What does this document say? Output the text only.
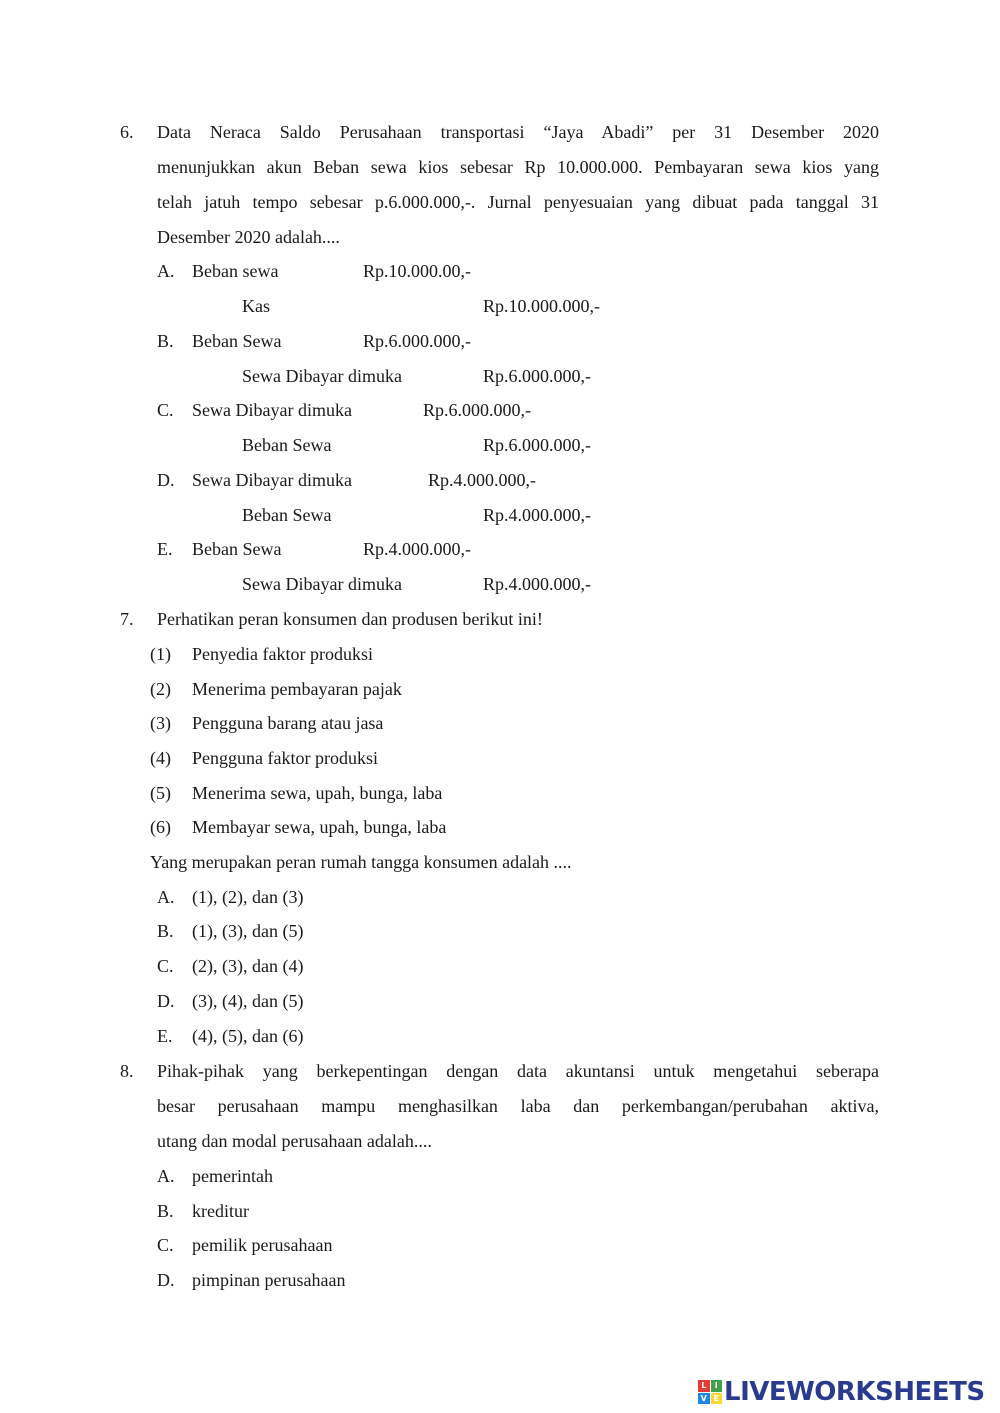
6. Data Neraca Saldo Perusahaan transportasi “Jaya Abadi” per 31 Desember 2020
menunjukkan akun Beban sewa kios sebesar Rp 10.000.000. Pembayaran sewa kios yang
telah jatuh tempo sebesar p.6.000.000,-. Jurnal penyesuaian yang dibuat pada tanggal 31
Desember 2020 adalah....
A. Beban sewa	Rp.10.000.00,-
Kas	Rp.10.000.000,-
B. Beban Sewa	Rp.6.000.000,-
Sewa Dibayar dimuka	Rp.6.000.000,-
C. Sewa Dibayar dimuka	Rp.6.000.000,-
Beban Sewa	Rp.6.000.000,-
D. Sewa Dibayar dimuka	Rp.4.000.000,-
Beban Sewa	Rp.4.000.000,-
E. Beban Sewa	Rp.4.000.000,-
Sewa Dibayar dimuka	Rp.4.000.000,-
7. Perhatikan peran konsumen dan produsen berikut ini!
(1) Penyedia faktor produksi
(2) Menerima pembayaran pajak
(3) Pengguna barang atau jasa
(4) Pengguna faktor produksi
(5) Menerima sewa, upah, bunga, laba
(6) Membayar sewa, upah, bunga, laba
Yang merupakan peran rumah tangga konsumen adalah ....
A. (1), (2), dan (3)
B. (1), (3), dan (5)
C. (2), (3), dan (4)
D. (3), (4), dan (5)
E. (4), (5), dan (6)
8. Pihak-pihak yang berkepentingan dengan data akuntansi untuk mengetahui seberapa
besar perusahaan mampu menghasilkan laba dan perkembangan/perubahan aktiva,
utang dan modal perusahaan adalah....
A. pemerintah
B. kreditur
C. pemilik perusahaan
D. pimpinan perusahaan
L	I
V E LIVEWORKSHEETS
